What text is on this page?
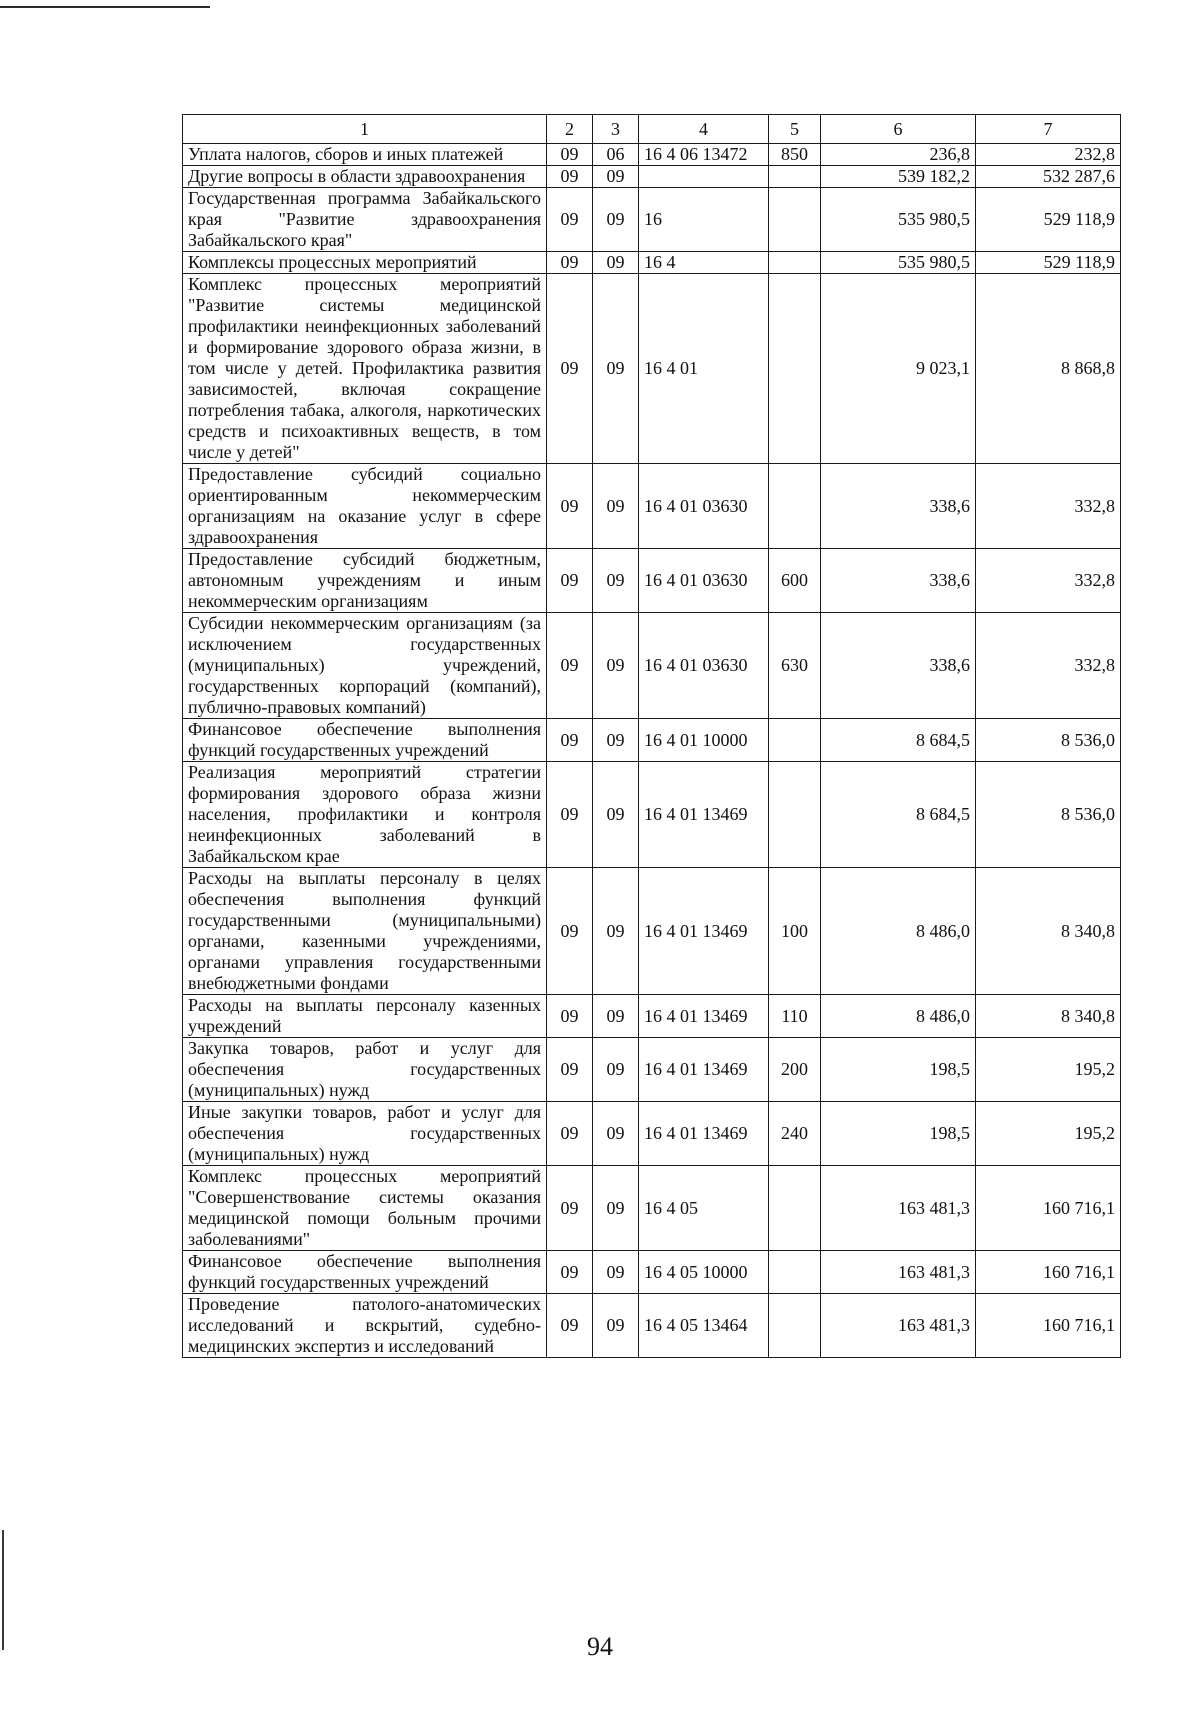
1	2	3	4	5	6	7
Уплата налогов, сборов и иных платежей	09	06	16 4 06 13472	850	236,8	232,8
Другие вопросы в области здравоохранения	09	09			539 182,2	532 287,6
Государственная программа Забайкальского края "Развитие здравоохранения Забайкальского края"	09	09	16		535 980,5	529 118,9
Комплексы процессных мероприятий	09	09	16 4		535 980,5	529 118,9
Комплекс процессных мероприятий "Развитие системы медицинской профилактики неинфекционных заболеваний и формирование здорового образа жизни, в том числе у детей. Профилактика развития зависимостей, включая сокращение потребления табака, алкоголя, наркотических средств и психоактивных веществ, в том числе у детей"	09	09	16 4 01		9 023,1	8 868,8
Предоставление субсидий социально ориентированным некоммерческим организациям на оказание услуг в сфере здравоохранения	09	09	16 4 01 03630		338,6	332,8
Предоставление субсидий бюджетным, автономным учреждениям и иным некоммерческим организациям	09	09	16 4 01 03630	600	338,6	332,8
Субсидии некоммерческим организациям (за исключением государственных (муниципальных) учреждений, государственных корпораций (компаний), публично-правовых компаний)	09	09	16 4 01 03630	630	338,6	332,8
Финансовое обеспечение выполнения функций государственных учреждений	09	09	16 4 01 10000		8 684,5	8 536,0
Реализация мероприятий стратегии формирования здорового образа жизни населения, профилактики и контроля неинфекционных заболеваний в Забайкальском крае	09	09	16 4 01 13469		8 684,5	8 536,0
Расходы на выплаты персоналу в целях обеспечения выполнения функций государственными (муниципальными) органами, казенными учреждениями, органами управления государственными внебюджетными фондами	09	09	16 4 01 13469	100	8 486,0	8 340,8
Расходы на выплаты персоналу казенных учреждений	09	09	16 4 01 13469	110	8 486,0	8 340,8
Закупка товаров, работ и услуг для обеспечения государственных (муниципальных) нужд	09	09	16 4 01 13469	200	198,5	195,2
Иные закупки товаров, работ и услуг для обеспечения государственных (муниципальных) нужд	09	09	16 4 01 13469	240	198,5	195,2
Комплекс процессных мероприятий "Совершенствование системы оказания медицинской помощи больным прочими заболеваниями"	09	09	16 4 05		163 481,3	160 716,1
Финансовое обеспечение выполнения функций государственных учреждений	09	09	16 4 05 10000		163 481,3	160 716,1
Проведение патолого-анатомических исследований и вскрытий, судебно-медицинских экспертиз и исследований	09	09	16 4 05 13464		163 481,3	160 716,1
94
